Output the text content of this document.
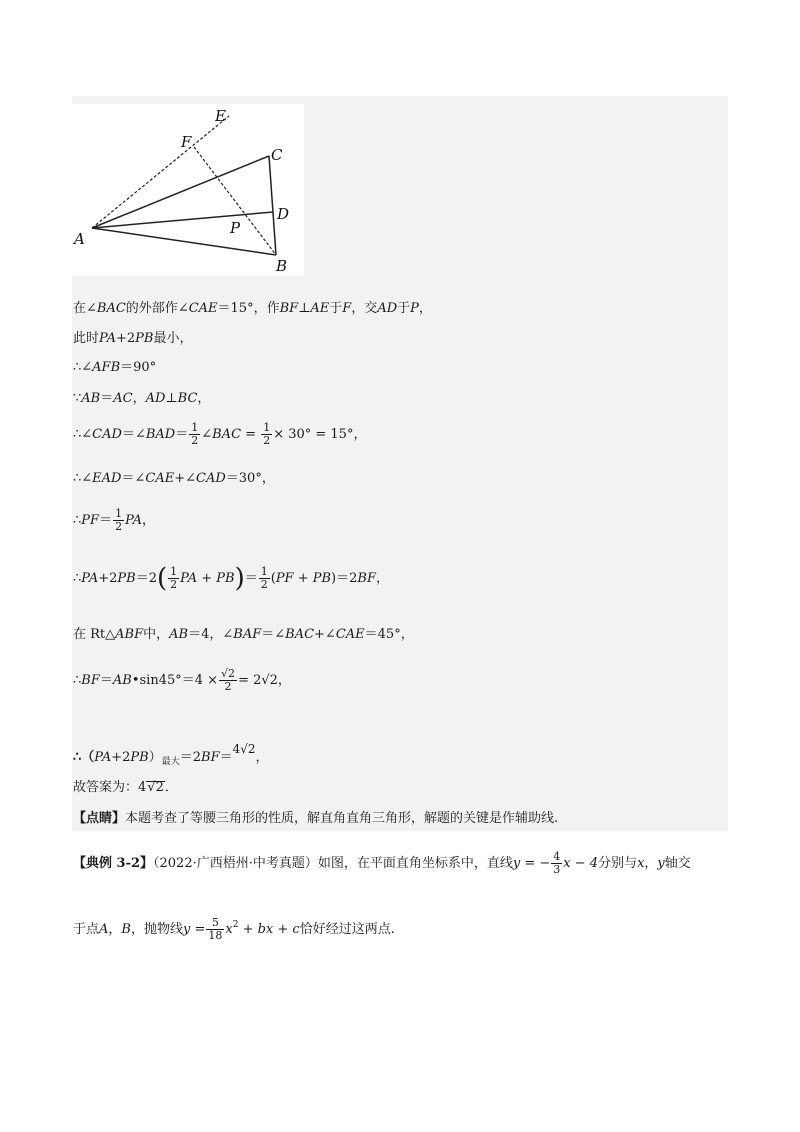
E
F
C
D
P
A
B
在∠BAC的外部作∠CAE＝15°，作BF⊥AE于F，交AD于P，
此时PA+2PB最小，
∴∠AFB＝90°
∵AB＝AC，AD⊥BC，
∴∠CAD＝∠BAD＝ $\frac{1}{2}$ ∠BAC = $\frac{1}{2} \times 30^\circ = 15^\circ$，
∴∠EAD＝∠CAE+∠CAD＝30°，
∴PF＝ $\frac{1}{2}$ PA，
∴PA+2PB＝2( $\frac{1}{2}$ PA + $PB)= \frac{1}{2} (PF + PB)=2BF$，
在 Rt△ABF中，AB＝4，∠BAF＝∠BAC+∠CAE＝45°，
∴BF＝AB•sin45°＝4 × $\frac{√2}{2} = 2√2$，
$\therefore(PA+2PB)_{最大}=2BF=4√2$，
故答案为：4√2．
【点睛】本题考查了等腰三角形的性质，解直角直角三角形，解题的关键是作辅助线.
【典例 3-2】（2022·广西梧州·中考真题）如图，在平面直角坐标系中，直线y = − $\frac{4}{3}$ x − 4分别与x，y轴交
于点A，B，抛物线$y = \frac{5}{18} x^2$ + bx + c恰好经过这两点.
